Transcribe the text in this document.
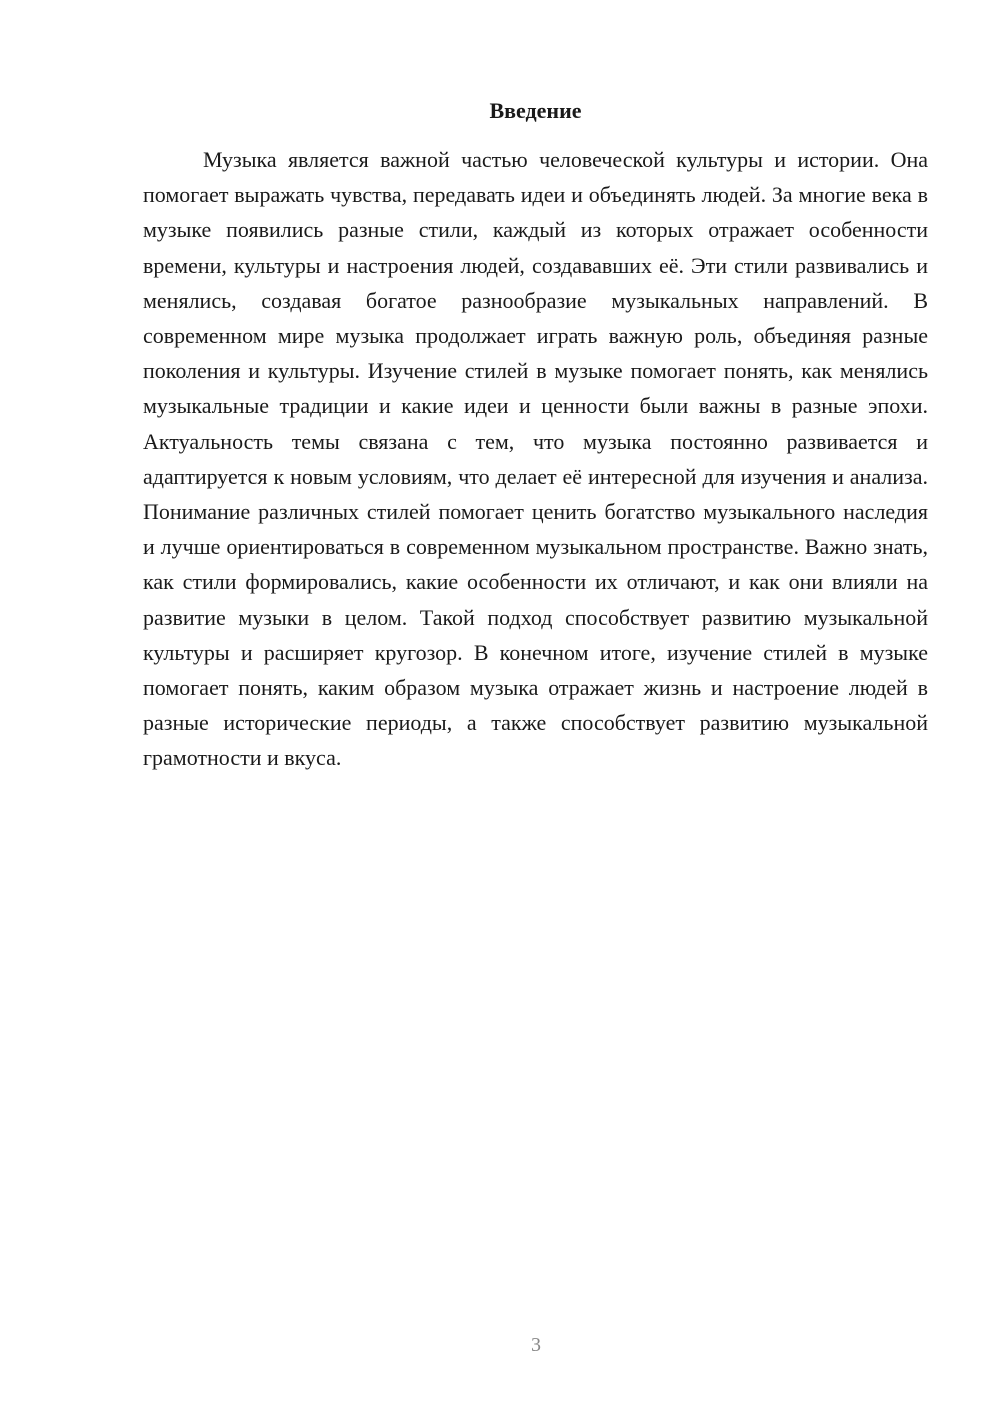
Введение

Музыка является важной частью человеческой культуры и истории. Она помогает выражать чувства, передавать идеи и объединять людей. За многие века в музыке появились разные стили, каждый из которых отражает особенности времени, культуры и настроения людей, создававших её. Эти стили развивались и менялись, создавая богатое разнообразие музыкальных направлений. В современном мире музыка продолжает играть важную роль, объединяя разные поколения и культуры. Изучение стилей в музыке помогает понять, как менялись музыкальные традиции и какие идеи и ценности были важны в разные эпохи. Актуальность темы связана с тем, что музыка постоянно развивается и адаптируется к новым условиям, что делает её интересной для изучения и анализа. Понимание различных стилей помогает ценить богатство музыкального наследия и лучше ориентироваться в современном музыкальном пространстве. Важно знать, как стили формировались, какие особенности их отличают, и как они влияли на развитие музыки в целом. Такой подход способствует развитию музыкальной культуры и расширяет кругозор. В конечном итоге, изучение стилей в музыке помогает понять, каким образом музыка отражает жизнь и настроение людей в разные исторические периоды, а также способствует развитию музыкальной грамотности и вкуса.

3
